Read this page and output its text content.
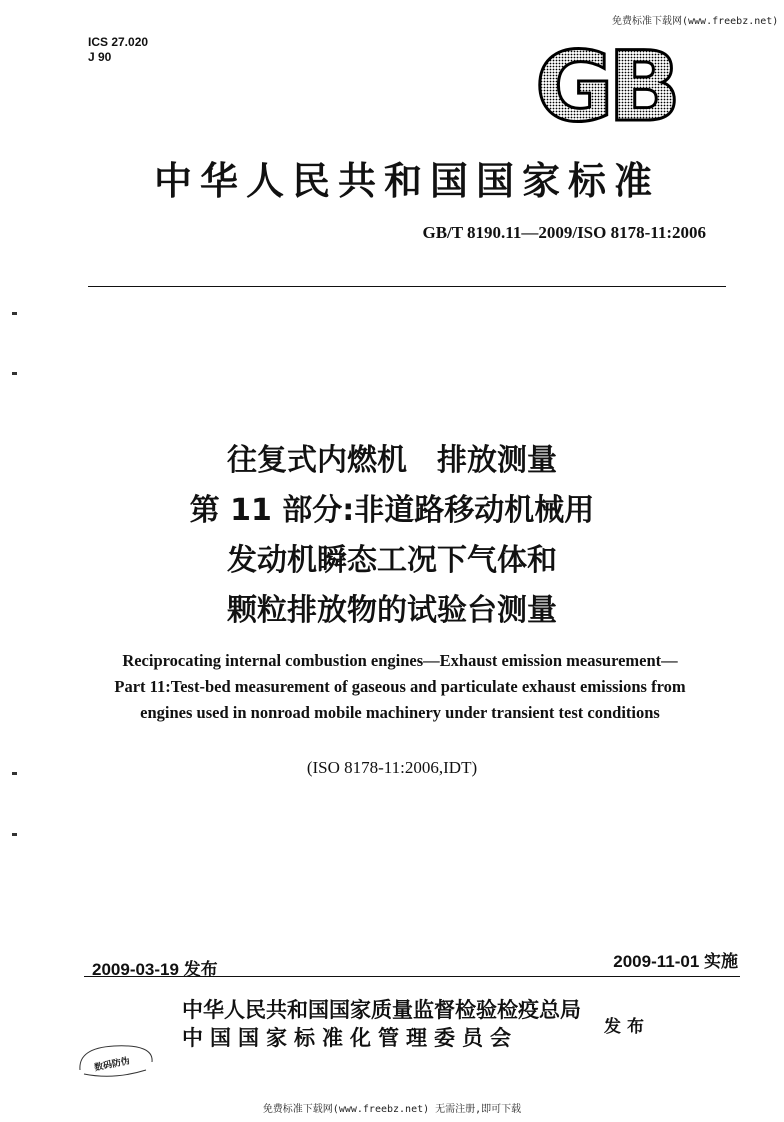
免费标准下载网(www.freebz.net)
ICS 27.020
J 90	GB
中华人民共和国国家标准
GB/T 8190.11—2009/ISO 8178-11:2006
往复式内燃机　排放测量
第 11 部分:非道路移动机械用
发动机瞬态工况下气体和
颗粒排放物的试验台测量
Reciprocating internal combustion engines—Exhaust emission measurement—
Part 11:Test-bed measurement of gaseous and particulate exhaust emissions from
engines used in nonroad mobile machinery under transient test conditions
(ISO 8178-11:2006,IDT)
2009-03-19 发布	2009-11-01 实施
中华人民共和国国家质量监督检验检疫总局
中国国家标准化管理委员会	发布
数码防伪
免费标准下载网(www.freebz.net) 无需注册,即可下载
